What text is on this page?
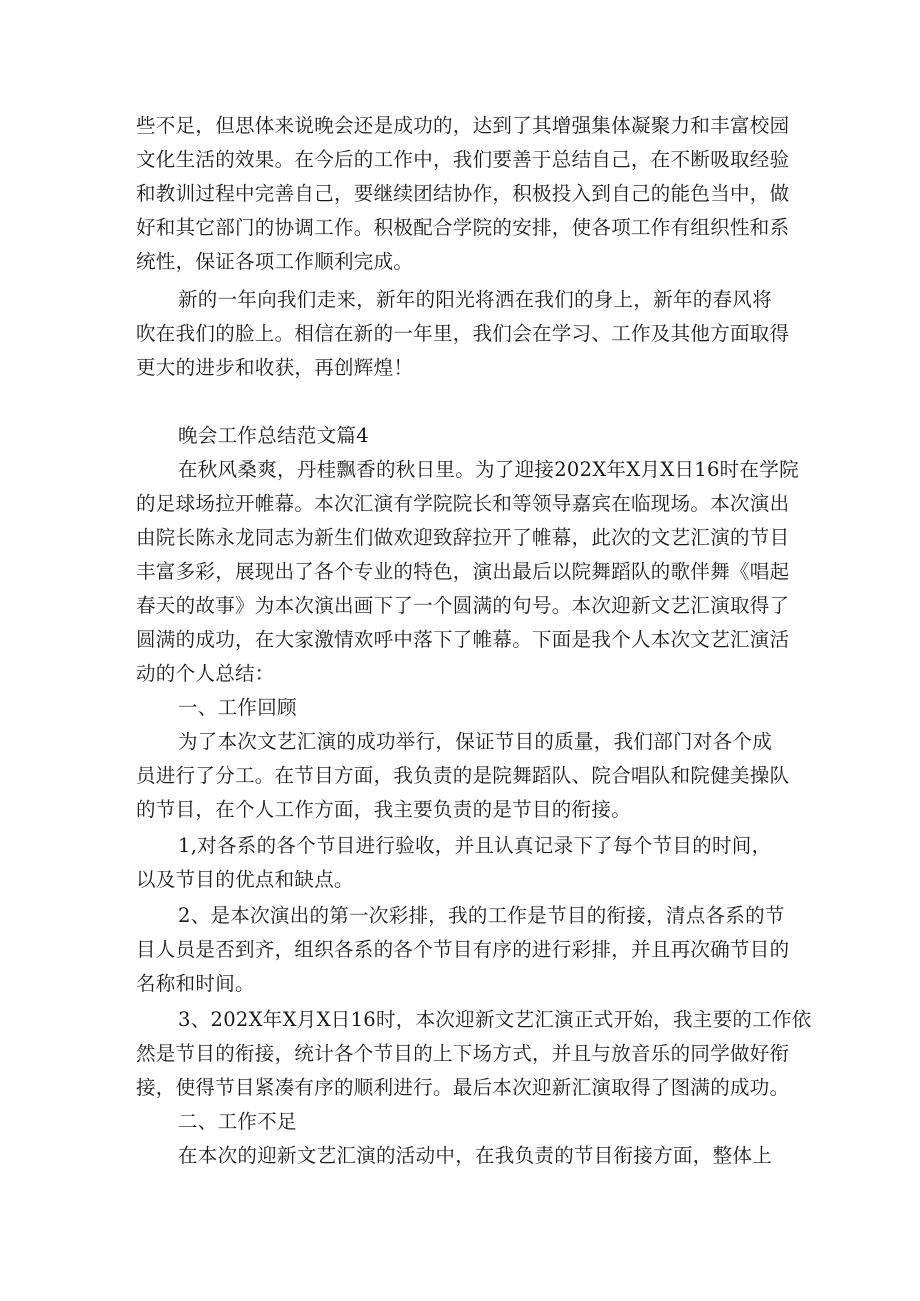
些不足，但思体来说晚会还是成功的，达到了其增强集体凝聚力和丰富校园
文化生活的效果。在今后的工作中，我们要善于总结自己，在不断吸取经验
和教训过程中完善自己，要继续团结协作，积极投入到自己的能色当中，做
好和其它部门的协调工作。积极配合学院的安排，使各项工作有组织性和系
统性，保证各项工作顺利完成。
新的一年向我们走来，新年的阳光将洒在我们的身上，新年的春风将
吹在我们的脸上。相信在新的一年里，我们会在学习、工作及其他方面取得
更大的进步和收获，再创辉煌！
晚会工作总结范文篇4
在秋风桑爽，丹桂飘香的秋日里。为了迎接202X年X月X日16时在学院
的足球场拉开帷幕。本次汇演有学院院长和等领导嘉宾在临现场。本次演出
由院长陈永龙同志为新生们做欢迎致辞拉开了帷幕，此次的文艺汇演的节目
丰富多彩，展现出了各个专业的特色，演出最后以院舞蹈队的歌伴舞《唱起
春天的故事》为本次演出画下了一个圆满的句号。本次迎新文艺汇演取得了
圆满的成功，在大家激情欢呼中落下了帷幕。下面是我个人本次文艺汇演活
动的个人总结：
一、工作回顾
为了本次文艺汇演的成功举行，保证节目的质量，我们部门对各个成
员进行了分工。在节目方面，我负责的是院舞蹈队、院合唱队和院健美操队
的节目，在个人工作方面，我主要负责的是节目的衔接。
1,对各系的各个节目进行验收，并且认真记录下了每个节目的时间，
以及节目的优点和缺点。
2、是本次演出的第一次彩排，我的工作是节目的衔接，清点各系的节
目人员是否到齐，组织各系的各个节目有序的进行彩排，并且再次确节目的
名称和时间。
3、202X年X月X日16时，本次迎新文艺汇演正式开始，我主要的工作依
然是节目的衔接，统计各个节目的上下场方式，并且与放音乐的同学做好衔
接，使得节目紧凑有序的顺利进行。最后本次迎新汇演取得了图满的成功。
二、工作不足
在本次的迎新文艺汇演的活动中，在我负责的节目衔接方面，整体上
